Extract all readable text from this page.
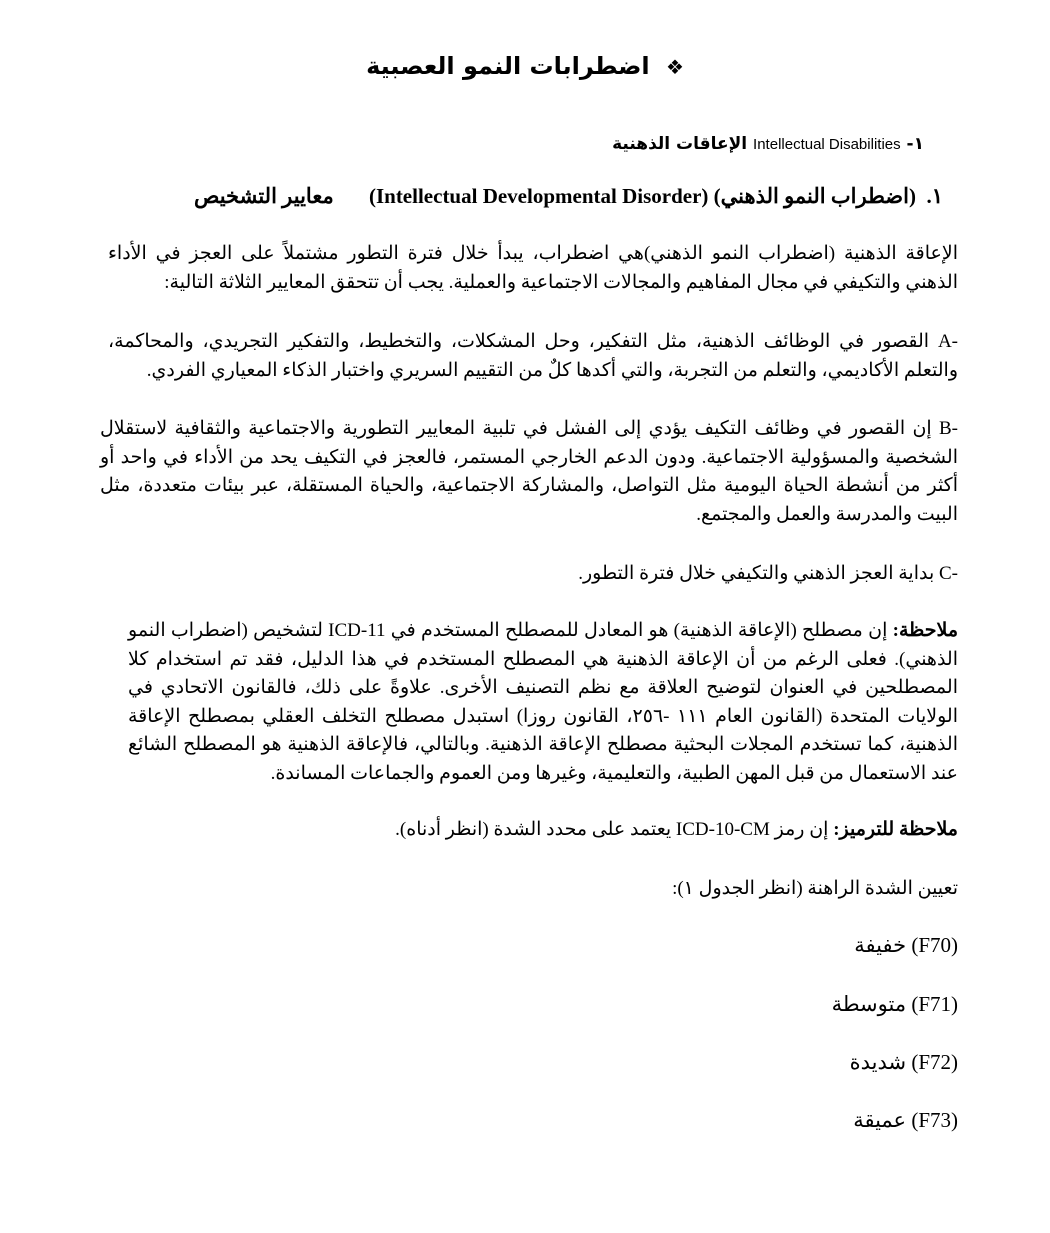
❖ اضطرابات النمو العصبية
١- Intellectual Disabilities الإعاقات الذهنية
١.  (اضطراب النمو الذهني) (Intellectual Developmental Disorder) معايير التشخيص
الإعاقة الذهنية (اضطراب النمو الذهني)هي اضطراب، يبدأ خلال فترة التطور مشتملاً على العجز في الأداء الذهني والتكيفي في مجال المفاهيم والمجالات الاجتماعية والعملية. يجب أن تتحقق المعايير الثلاثة التالية:
A- القصور في الوظائف الذهنية، مثل التفكير، وحل المشكلات، والتخطيط، والتفكير التجريدي، والمحاكمة، والتعلم الأكاديمي، والتعلم من التجربة، والتي أكدها كلٌ من التقييم السريري واختبار الذكاء المعياري الفردي.
B- إن القصور في وظائف التكيف يؤدي إلى الفشل في تلبية المعايير التطورية والاجتماعية والثقافية لاستقلال الشخصية والمسؤولية الاجتماعية. ودون الدعم الخارجي المستمر، فالعجز في التكيف يحد من الأداء في واحد أو أكثر من أنشطة الحياة اليومية مثل التواصل، والمشاركة الاجتماعية، والحياة المستقلة، عبر بيئات متعددة، مثل البيت والمدرسة والعمل والمجتمع.
C- بداية العجز الذهني والتكيفي خلال فترة التطور.
ملاحظة: إن مصطلح (الإعاقة الذهنية) هو المعادل للمصطلح المستخدم في ICD-11 لتشخيص (اضطراب النمو الذهني). فعلى الرغم من أن الإعاقة الذهنية هي المصطلح المستخدم في هذا الدليل، فقد تم استخدام كلا المصطلحين في العنوان لتوضيح العلاقة مع نظم التصنيف الأخرى. علاوةً على ذلك، فالقانون الاتحادي في الولايات المتحدة (القانون العام ١١١ -٢٥٦، القانون روزا) استبدل مصطلح التخلف العقلي بمصطلح الإعاقة الذهنية، كما تستخدم المجلات البحثية مصطلح الإعاقة الذهنية. وبالتالي، فالإعاقة الذهنية هو المصطلح الشائع عند الاستعمال من قبل المهن الطبية، والتعليمية، وغيرها ومن العموم والجماعات المساندة.
ملاحظة للترميز: إن رمز ICD-10-CM يعتمد على محدد الشدة (انظر أدناه).
تعيين الشدة الراهنة (انظر الجدول ١):
(F70) خفيفة
(F71) متوسطة
(F72) شديدة
(F73) عميقة
